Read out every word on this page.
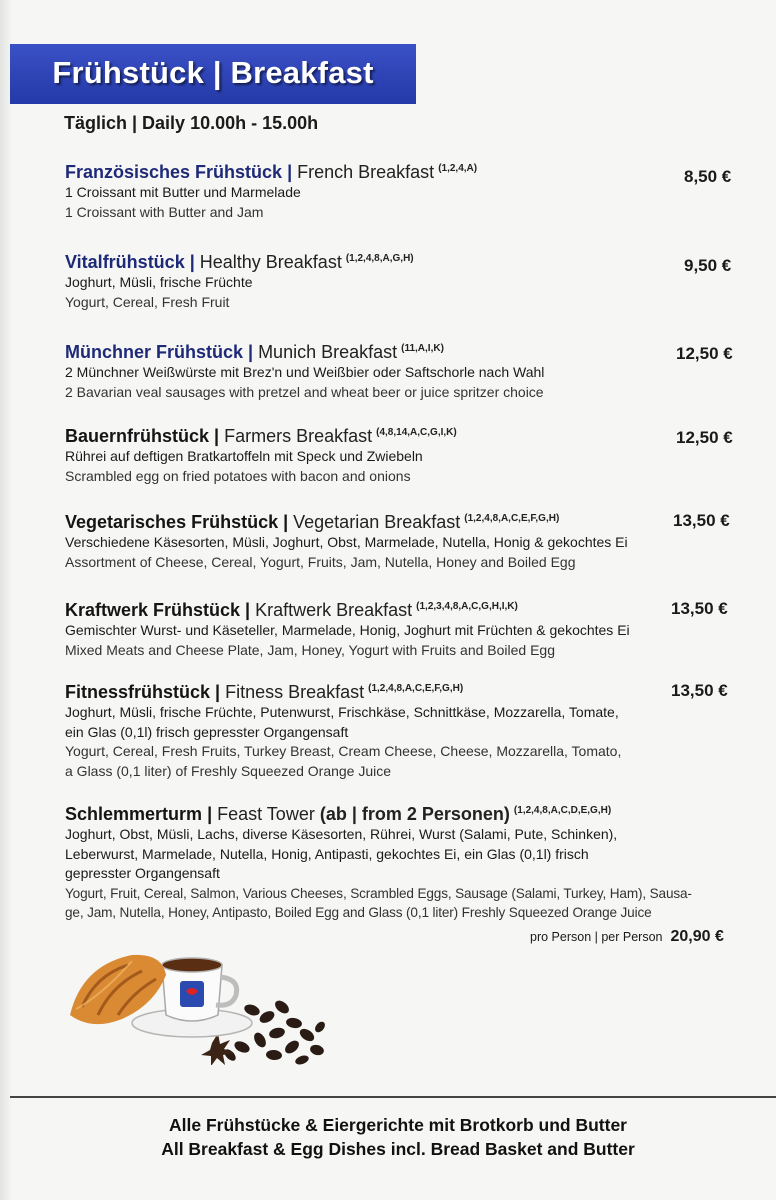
Frühstück | Breakfast
Täglich | Daily 10.00h - 15.00h
Französisches Frühstück | French Breakfast $^{(1,2,4,A)}$
1 Croissant mit Butter und Marmelade
1 Croissant with Butter and Jam
8,50 €
Vitalfrühstück | Healthy Breakfast $^{(1,2,4,8,A,G,H)}$
Joghurt, Müsli, frische Früchte
Yogurt, Cereal, Fresh Fruit
9,50 €
Münchner Frühstück | Munich Breakfast $^{(11,A,I,K)}$
2 Münchner Weißwürste mit Brez'n und Weißbier oder Saftschorle nach Wahl
2 Bavarian veal sausages with pretzel and wheat beer or juice spritzer choice
12,50 €
Bauernfrühstück | Farmers Breakfast $^{(4,8,14,A,C,G,I,K)}$
Rührei auf deftigen Bratkartoffeln mit Speck und Zwiebeln
Scrambled egg on fried potatoes with bacon and onions
12,50 €
Vegetarisches Frühstück | Vegetarian Breakfast $^{(1,2,4,8,A,C,E,F,G,H)}$
Verschiedene Käsesorten, Müsli, Joghurt, Obst, Marmelade, Nutella, Honig & gekochtes Ei
Assortment of Cheese, Cereal, Yogurt, Fruits, Jam, Nutella, Honey and Boiled Egg
13,50 €
Kraftwerk Frühstück | Kraftwerk Breakfast $^{(1,2,3,4,8,A,C,G,H,I,K)}$
Gemischter Wurst- und Käseteller, Marmelade, Honig, Joghurt mit Früchten & gekochtes Ei
Mixed Meats and Cheese Plate, Jam, Honey, Yogurt with Fruits and Boiled Egg
13,50 €
Fitnessfrühstück | Fitness Breakfast $^{(1,2,4,8,A,C,E,F,G,H)}$
Joghurt, Müsli, frische Früchte, Putenwurst, Frischkäse, Schnittkäse, Mozzarella, Tomate,
ein Glas (0,1l) frisch gepresster Organgensaft
Yogurt, Cereal, Fresh Fruits, Turkey Breast, Cream Cheese, Cheese, Mozzarella, Tomato,
a Glass (0,1 liter) of Freshly Squeezed Orange Juice
13,50 €
Schlemmerturm | Feast Tower (ab | from 2 Personen) $^{(1,2,4,8,A,C,D,E,G,H)}$
Joghurt, Obst, Müsli, Lachs, diverse Käsesorten, Rührei, Wurst (Salami, Pute, Schinken),
Leberwurst, Marmelade, Nutella, Honig, Antipasti, gekochtes Ei, ein Glas (0,1l) frisch
gepresster Organgensaft
Yogurt, Fruit, Cereal, Salmon, Various Cheeses, Scrambled Eggs, Sausage (Salami, Turkey, Ham), Sausa-
ge, Jam, Nutella, Honey, Antipasto, Boiled Egg and Glass (0,1 liter) Freshly Squeezed Orange Juice
pro Person | per Person 20,90 €
Alle Frühstücke & Eiergerichte mit Brotkorb und Butter
All Breakfast & Egg Dishes incl. Bread Basket and Butter
